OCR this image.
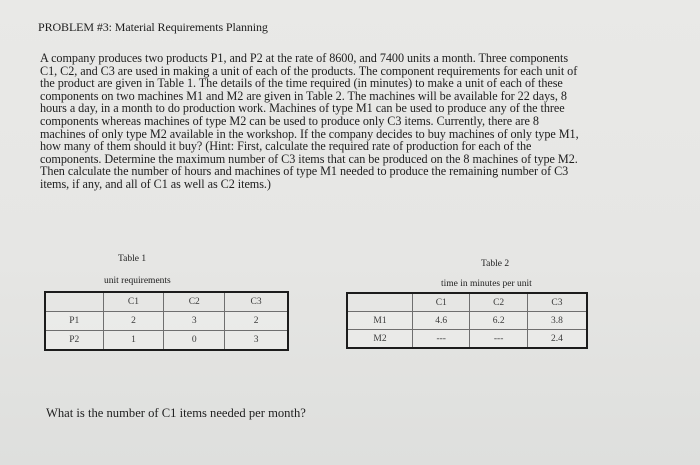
PROBLEM #3: Material Requirements Planning

A company produces two products P1, and P2 at the rate of 8600, and 7400 units a month. Three components
C1, C2, and C3 are used in making a unit of each of the products. The component requirements for each unit of
the product are given in Table 1. The details of the time required (in minutes) to make a unit of each of these
components on two machines M1 and M2 are given in Table 2. The machines will be available for 22 days, 8
hours a day, in a month to do production work. Machines of type M1 can be used to produce any of the three
components whereas machines of type M2 can be used to produce only C3 items. Currently, there are 8
machines of only type M2 available in the workshop. If the company decides to buy machines of only type M1,
how many of them should it buy? (Hint: First, calculate the required rate of production for each of the
components. Determine the maximum number of C3 items that can be produced on the 8 machines of type M2.
Then calculate the number of hours and machines of type M1 needed to produce the remaining number of C3
items, if any, and all of C1 as well as C2 items.)

Table 1
unit requirements
	C1	C2	C3
P1	2	3	2
P2	1	0	3
Table 2
time in minutes per unit
	C1	C2	C3
M1	4.6	6.2	3.8
M2	---	---	2.4
What is the number of C1 items needed per month?
